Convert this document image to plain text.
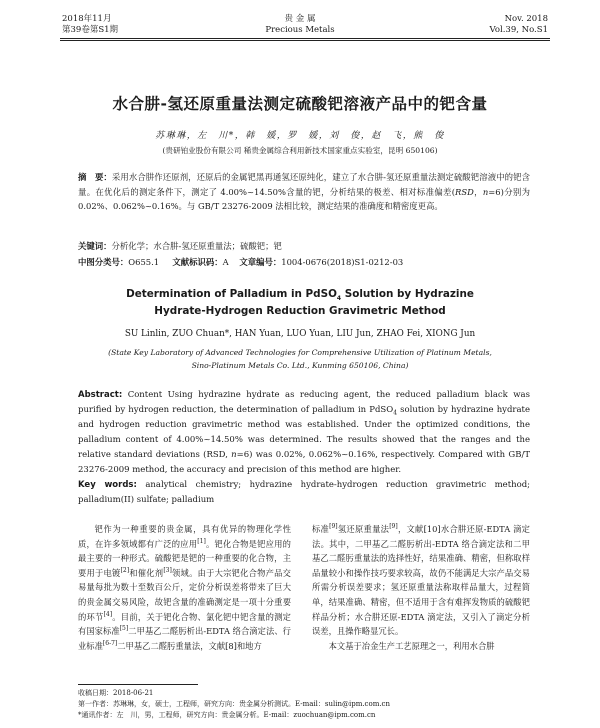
2018年11月
第39卷第S1期
贵 金 属
Precious Metals
Nov. 2018
Vol.39, No.S1
水合肼-氢还原重量法测定硫酸钯溶液产品中的钯含量
苏琳琳，左　川*，韩　媛，罗　媛，刘　俊，赵　飞，熊　俊
(贵研铂业股份有限公司 稀贵金属综合利用新技术国家重点实验室，昆明 650106)
摘　要：采用水合肼作还原剂，还原后的金属钯黑再通氢还原纯化，建立了水合肼-氢还原重量法测定硫酸钯溶液中的钯含量。在优化后的测定条件下，测定了 4.00%~14.50%含量的钯，分析结果的极差、相对标准偏差(RSD，n=6)分别为 0.02%、0.062%~0.16%。与 GB/T 23276-2009 法相比较，测定结果的准确度和精密度更高。
关键词：分析化学；水合肼-氢还原重量法；硫酸钯；钯
中图分类号：O655.1 文献标识码：A 文章编号：1004-0676(2018)S1-0212-03
Determination of Palladium in PdSO$_4$ Solution by Hydrazine
Hydrate-Hydrogen Reduction Gravimetric Method
SU Linlin, ZUO Chuan*, HAN Yuan, LUO Yuan, LIU Jun, ZHAO Fei, XIONG Jun
(State Key Laboratory of Advanced Technologies for Comprehensive Utilization of Platinum Metals,
Sino-Platinum Metals Co. Ltd., Kunming 650106, China)
Abstract: Content Using hydrazine hydrate as reducing agent, the reduced palladium black was purified by hydrogen reduction, the determination of palladium in PdSO$_4$ solution by hydrazine hydrate and hydrogen reduction gravimetric method was established. Under the optimized conditions, the palladium content of 4.00%~14.50% was determined. The results showed that the ranges and the relative standard deviations (RSD, n=6) was 0.02%, 0.062%~0.16%, respectively. Compared with GB/T 23276-2009 method, the accuracy and precision of this method are higher.
Key words: analytical chemistry; hydrazine hydrate-hydrogen reduction gravimetric method; palladium(II) sulfate; palladium

钯作为一种重要的贵金属，具有优异的物理化学性质，在许多领域都有广泛的应用[1]。钯化合物是钯应用的最主要的一种形式。硫酸钯是钯的一种重要的化合物，主要用于电镀[2]和催化剂[3]领域。由于大宗钯化合物产品交易量每批为数十至数百公斤，定价分析误差将带来了巨大的贵金属交易风险，故钯含量的准确测定是一项十分重要的环节[4]。目前，关于钯化合物、氯化钯中钯含量的测定有国家标准[5]二甲基乙二醛肟析出-EDTA 络合滴定法、行业标准[6-7]二甲基乙二醛肟重量法，文献[8]和地方

标准[9]氢还原重量法[9]，文献[10]水合肼还原-EDTA 滴定法。其中，二甲基乙二醛肟析出-EDTA 络合滴定法和二甲基乙二醛肟重量法的选择性好，结果准确、精密，但称取样品量较小和操作技巧要求较高，故仍不能满足大宗产品交易所需分析误差要求；氢还原重量法称取样品量大，过程简单，结果准确、精密，但不适用于含有难挥发物质的硫酸钯样品分析；水合肼还原-EDTA 滴定法，又引入了滴定分析误差，且操作略显冗长。

本文基于冶金生产工艺原理之一，利用水合肼

收稿日期：2018-06-21
第一作者：苏琳琳，女，硕士，工程师，研究方向：贵金属分析测试。E-mail：sulin@ipm.com.cn
*通讯作者：左　川，男，工程师，研究方向：贵金属分析。E-mail：zuochuan@ipm.com.cn
